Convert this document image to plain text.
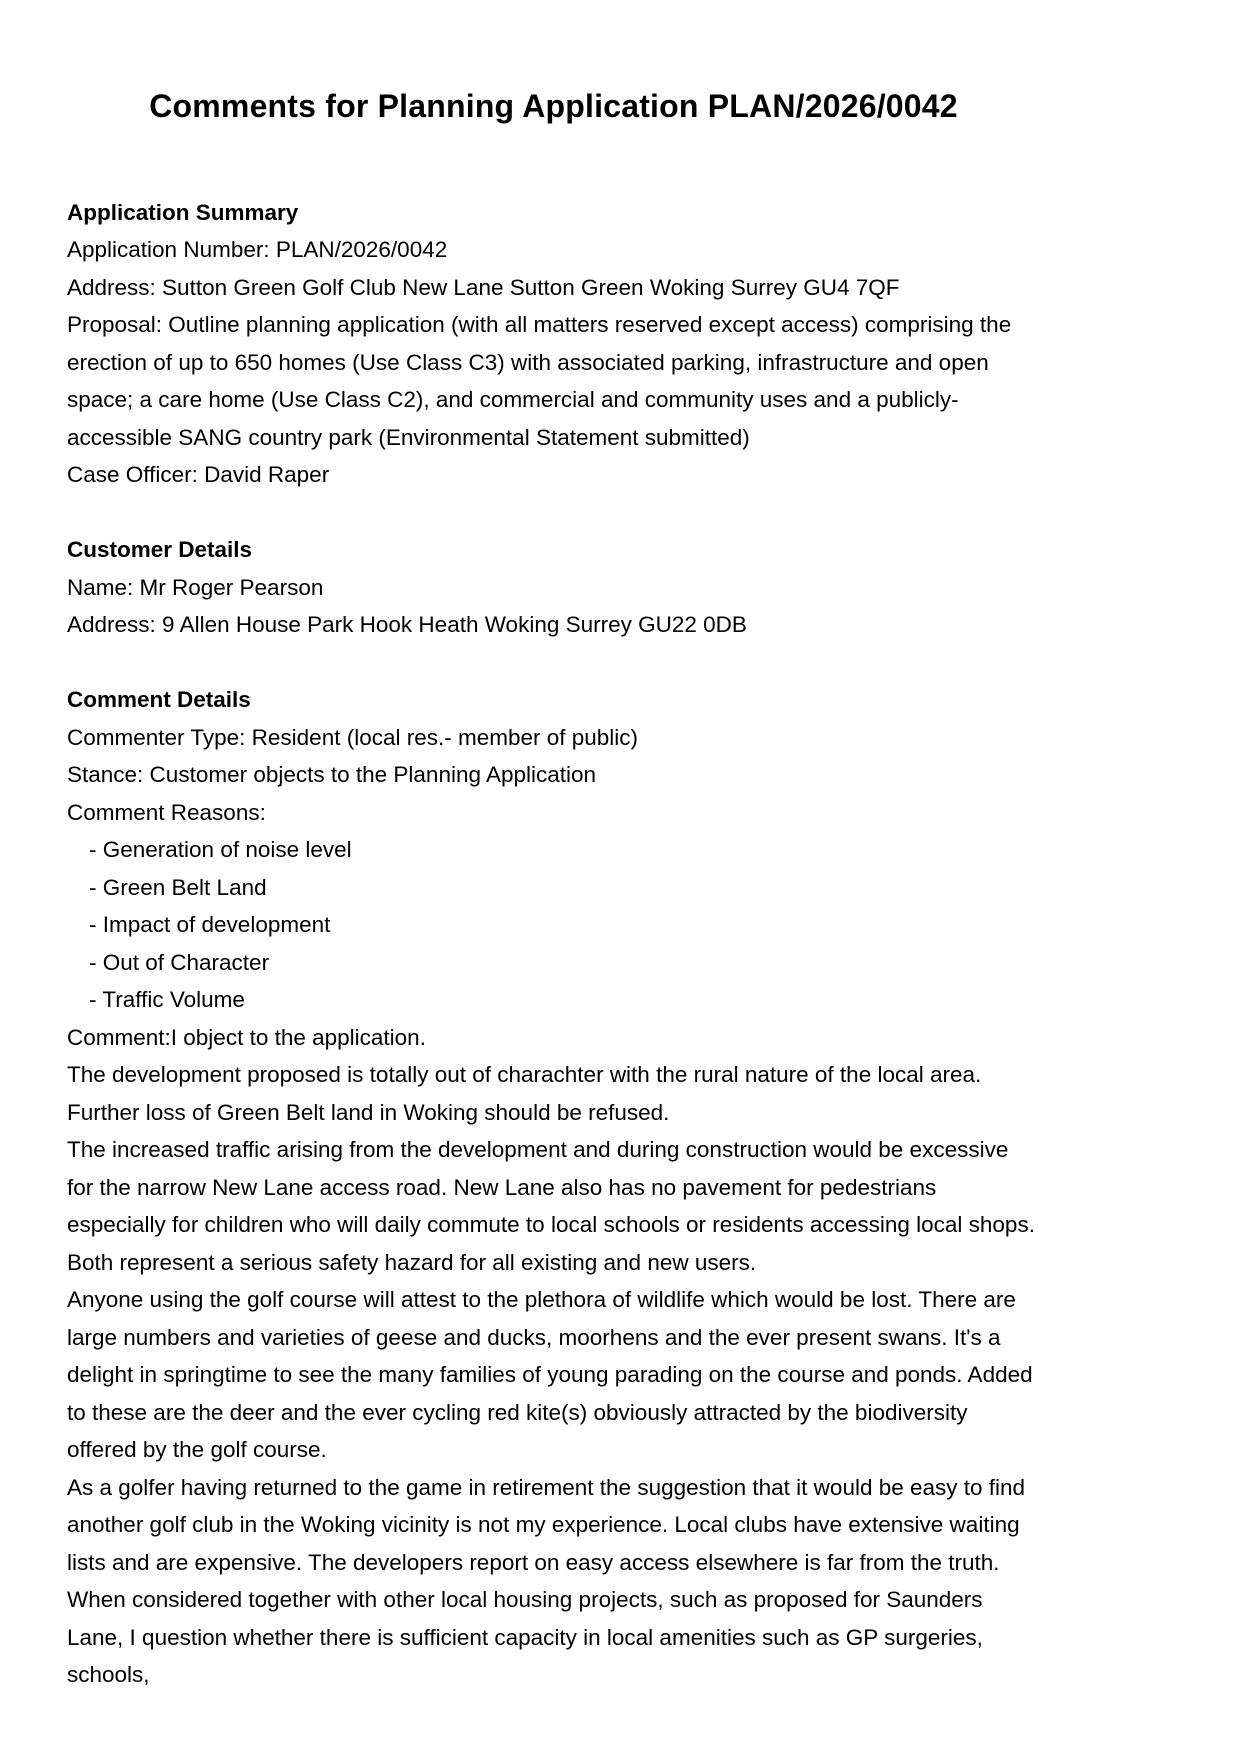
Comments for Planning Application PLAN/2026/0042

Application Summary

Application Number: PLAN/2026/0042

Address: Sutton Green Golf Club New Lane Sutton Green Woking Surrey GU4 7QF

Proposal: Outline planning application (with all matters reserved except access) comprising the erection of up to 650 homes (Use Class C3) with associated parking, infrastructure and open space; a care home (Use Class C2), and commercial and community uses and a publicly-accessible SANG country park (Environmental Statement submitted)

Case Officer: David Raper

Customer Details

Name: Mr Roger Pearson

Address: 9 Allen House Park Hook Heath Woking Surrey GU22 0DB

Comment Details

Commenter Type: Resident (local res.- member of public)

Stance: Customer objects to the Planning Application

Comment Reasons:

- Generation of noise level

- Green Belt Land

- Impact of development

- Out of Character

- Traffic Volume

Comment:I object to the application.

The development proposed is totally out of charachter with the rural nature of the local area.

Further loss of Green Belt land in Woking should be refused.

The increased traffic arising from the development and during construction would be excessive for the narrow New Lane access road. New Lane also has no pavement for pedestrians especially for children who will daily commute to local schools or residents accessing local shops. Both represent a serious safety hazard for all existing and new users.

Anyone using the golf course will attest to the plethora of wildlife which would be lost. There are large numbers and varieties of geese and ducks, moorhens and the ever present swans. It's a delight in springtime to see the many families of young parading on the course and ponds. Added to these are the deer and the ever cycling red kite(s) obviously attracted by the biodiversity offered by the golf course.

As a golfer having returned to the game in retirement the suggestion that it would be easy to find another golf club in the Woking vicinity is not my experience. Local clubs have extensive waiting lists and are expensive. The developers report on easy access elsewhere is far from the truth.

When considered together with other local housing projects, such as proposed for Saunders Lane, I question whether there is sufficient capacity in local amenities such as GP surgeries, schools,
